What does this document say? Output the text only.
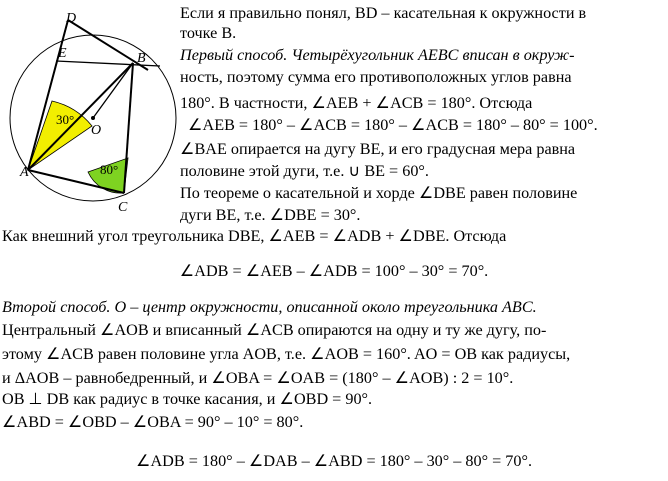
D
E	B
O
A
C
30°
80°
Если я правильно понял, BD – касательная к окружности в
точке B.
Первый способ. Четырёхугольник AEBC вписан в окруж-
ность, поэтому сумма его противоположных углов равна
180°. В частности, ∠AEB + ∠ACB = 180°. Отсюда
∠AEB = 180° – ∠ACB = 180° – ∠ACB = 180° – 80° = 100°.
∠BAE опирается на дугу BE, и его градусная мера равна
половине этой дуги, т.е. ∪ BE = 60°.
По теореме о касательной и хорде ∠DBE равен половине
дуги BE, т.е. ∠DBE = 30°.
Как внешний угол треугольника DBE, ∠AEB = ∠ADB + ∠DBE. Отсюда
∠ADB = ∠AEB – ∠ADB = 100° – 30° = 70°.
Второй способ. O – центр окружности, описанной около треугольника ABC.
Центральный ∠AOB и вписанный ∠ACB опираются на одну и ту же дугу, по-
этому ∠ACB равен половине угла AOB, т.е. ∠AOB = 160°. AO = OB как радиусы,
и ΔAOB – равнобедренный, и ∠OBA = ∠OAB = (180° – ∠AOB) : 2 = 10°.
OB ⊥ DB как радиус в точке касания, и ∠OBD = 90°.
∠ABD = ∠OBD – ∠OBA = 90° – 10° = 80°.
∠ADB = 180° – ∠DAB – ∠ABD = 180° – 30° – 80° = 70°.
